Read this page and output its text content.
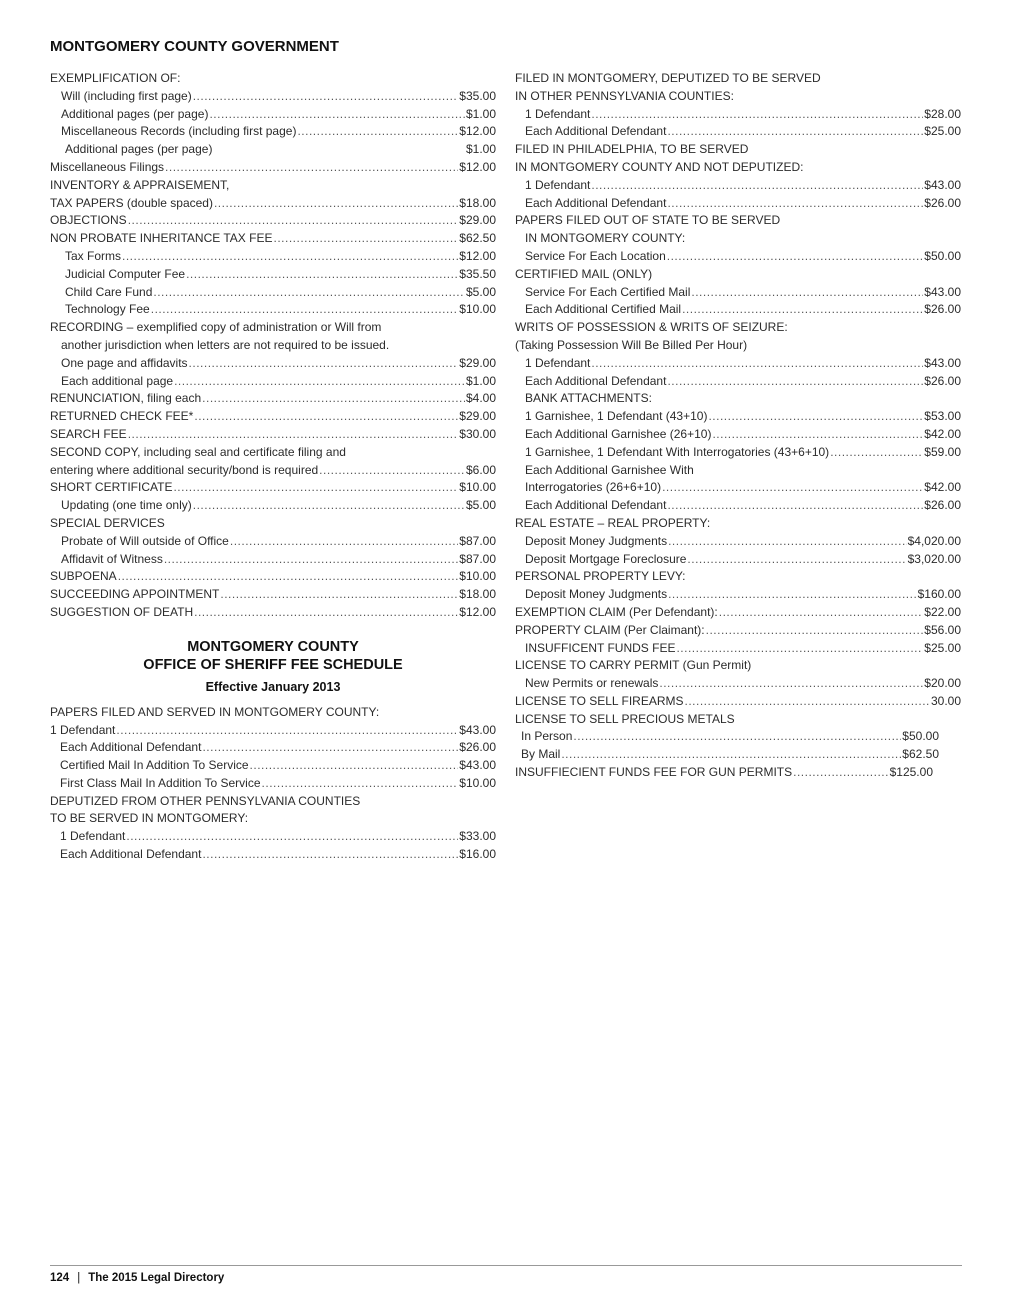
MONTGOMERY COUNTY GOVERNMENT
EXEMPLIFICATION OF:
Will (including first page) .....	$35.00
Additional pages (per page) .....	$1.00
Miscellaneous Records (including first page) .....	$12.00
Additional pages (per page)	$1.00
Miscellaneous Filings .....	$12.00
INVENTORY & APPRAISEMENT,
TAX PAPERS (double spaced) .....	$18.00
OBJECTIONS .....	$29.00
NON PROBATE INHERITANCE TAX FEE .....	$62.50
Tax Forms .....	$12.00
Judicial Computer Fee .....	$35.50
Child Care Fund .....	$5.00
Technology Fee .....	$10.00
RECORDING – exemplified copy of administration or Will from
another jurisdiction when letters are not required to be issued.
One page and affidavits .....	$29.00
Each additional page .....	$1.00
RENUNCIATION, filing each .....	$4.00
RETURNED CHECK FEE* .....	$29.00
SEARCH FEE .....	$30.00
SECOND COPY, including seal and certificate filing and
entering where additional security/bond is required .....	$6.00
SHORT CERTIFICATE .....	$10.00
Updating (one time only) .....	$5.00
SPECIAL DERVICES
Probate of Will outside of Office .....	$87.00
Affidavit of Witness .....	$87.00
SUBPOENA .....	$10.00
SUCCEEDING APPOINTMENT .....	$18.00
SUGGESTION OF DEATH .....	$12.00
MONTGOMERY COUNTY
OFFICE OF SHERIFF FEE SCHEDULE
Effective January 2013
PAPERS FILED AND SERVED IN MONTGOMERY COUNTY:
1 Defendant .....	$43.00
Each Additional Defendant .....	$26.00
Certified Mail In Addition To Service .....	$43.00
First Class Mail In Addition To Service .....	$10.00
DEPUTIZED FROM OTHER PENNSYLVANIA COUNTIES
TO BE SERVED IN MONTGOMERY:
1 Defendant .....	$33.00
Each Additional Defendant .....	$16.00
FILED IN MONTGOMERY, DEPUTIZED TO BE SERVED
IN OTHER PENNSYLVANIA COUNTIES:
1 Defendant .....	$28.00
Each Additional Defendant .....	$25.00
FILED IN PHILADELPHIA, TO BE SERVED
IN MONTGOMERY COUNTY AND NOT DEPUTIZED:
1 Defendant .....	$43.00
Each Additional Defendant .....	$26.00
PAPERS FILED OUT OF STATE TO BE SERVED
IN MONTGOMERY COUNTY:
Service For Each Location .....	$50.00
CERTIFIED MAIL (ONLY)
Service For Each Certified Mail .....	$43.00
Each Additional Certified Mail .....	$26.00
WRITS OF POSSESSION & WRITS OF SEIZURE:
(Taking Possession Will Be Billed Per Hour)
1 Defendant .....	$43.00
Each Additional Defendant .....	$26.00
BANK ATTACHMENTS:
1 Garnishee, 1 Defendant (43+10) .....	$53.00
Each Additional Garnishee (26+10) .....	$42.00
1 Garnishee, 1 Defendant With Interrogatories (43+6+10) .....	$59.00
Each Additional Garnishee With
Interrogatories (26+6+10) .....	$42.00
Each Additional Defendant .....	$26.00
REAL ESTATE – REAL PROPERTY:
Deposit Money Judgments .....	$4,020.00
Deposit Mortgage Foreclosure .....	$3,020.00
PERSONAL PROPERTY LEVY:
Deposit Money Judgments .....	$160.00
EXEMPTION CLAIM (Per Defendant): .....	$22.00
PROPERTY CLAIM (Per Claimant): .....	$56.00
INSUFFICENT FUNDS FEE .....	$25.00
LICENSE TO CARRY PERMIT (Gun Permit)
New Permits or renewals .....	$20.00
LICENSE TO SELL FIREARMS .....	30.00
LICENSE TO SELL PRECIOUS METALS
In Person .....	$50.00
By Mail .....	$62.50
INSUFFIECIENT FUNDS FEE FOR GUN PERMITS .....	$125.00
124 | The 2015 Legal Directory
